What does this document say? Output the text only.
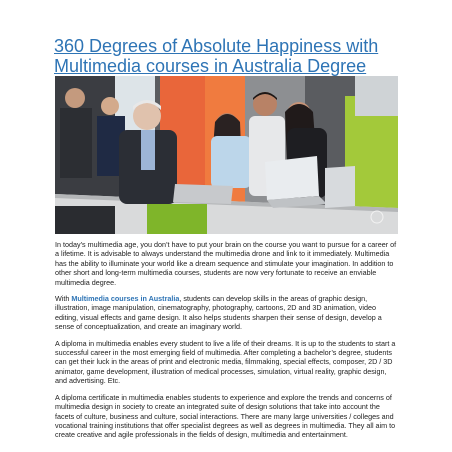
360 Degrees of Absolute Happiness with
Multimedia courses in Australia Degree

In today’s multimedia age, you don’t have to put your brain on the course you want to pursue for a career of a lifetime. It is advisable to always understand the multimedia drone and link to it immediately. Multimedia has the ability to illuminate your world like a dream sequence and stimulate your imagination. In addition to other short and long-term multimedia courses, students are now very fortunate to receive an enviable multimedia degree.

With Multimedia courses in Australia, students can develop skills in the areas of graphic design, illustration, image manipulation, cinematography, photography, cartoons, 2D and 3D animation, video editing, visual effects and game design. It also helps students sharpen their sense of design, develop a sense of conceptualization, and create an imaginary world.

A diploma in multimedia enables every student to live a life of their dreams. It is up to the students to start a successful career in the most emerging field of multimedia. After completing a bachelor’s degree, students can get their luck in the areas of print and electronic media, filmmaking, special effects, composer, 2D / 3D animator, game development, illustration of medical processes, simulation, virtual reality, graphic design, and advertising. Etc.

A diploma certificate in multimedia enables students to experience and explore the trends and concerns of multimedia design in society to create an integrated suite of design solutions that take into account the facets of culture, business and culture, social interactions. There are many large universities / colleges and vocational training institutions that offer specialist degrees as well as degrees in multimedia. They all aim to create creative and agile professionals in the fields of design, multimedia and entertainment.
